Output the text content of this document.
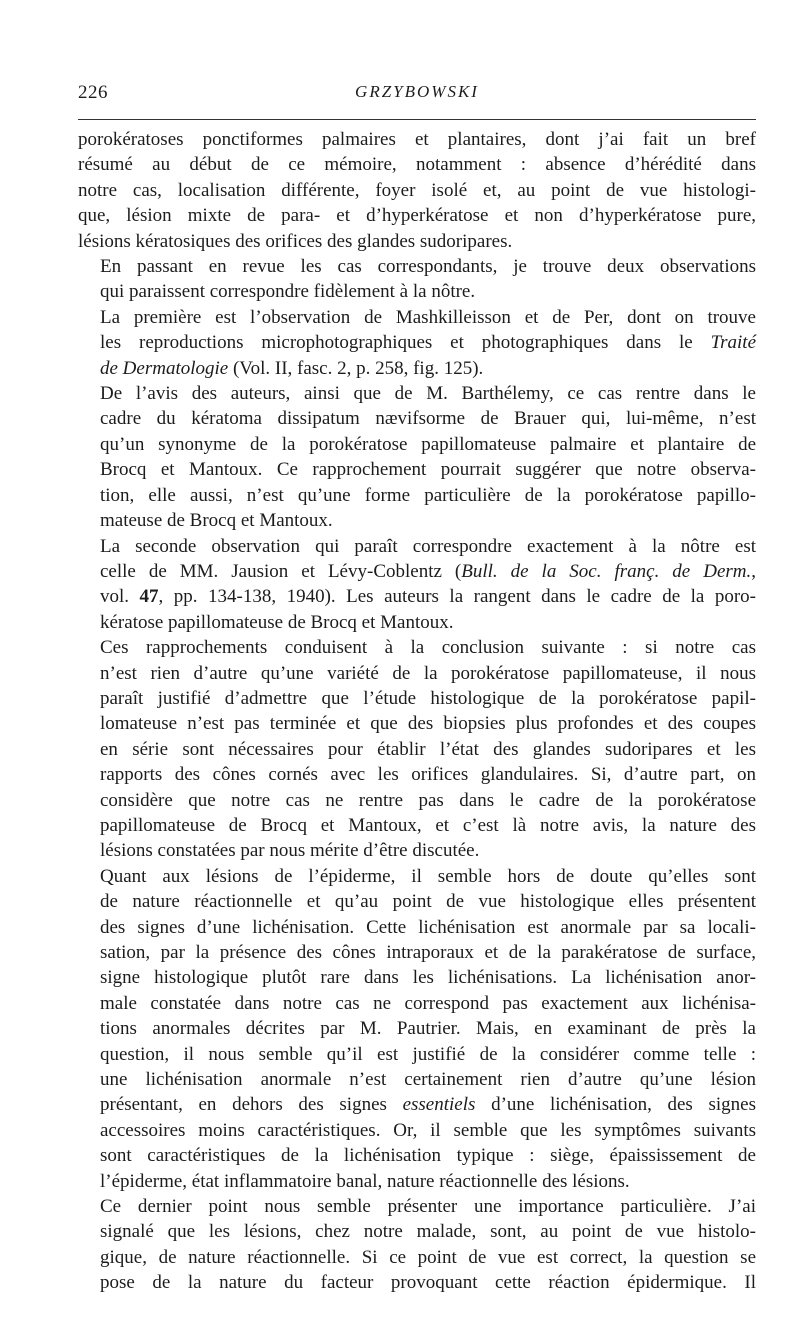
226	GRZYBOWSKI

porokératoses ponctiformes palmaires et plantaires, dont j’ai fait un bref
résumé au début de ce mémoire, notamment : absence d’hérédité dans
notre cas, localisation différente, foyer isolé et, au point de vue histologi-
que, lésion mixte de para- et d’hyperkératose et non d’hyperkératose pure,
lésions kératosiques des orifices des glandes sudoripares.

En passant en revue les cas correspondants, je trouve deux observations
qui paraissent correspondre fidèlement à la nôtre.

La première est l’observation de Mashkilleisson et de Per, dont on trouve
les reproductions microphotographiques et photographiques dans le Traité
de Dermatologie (Vol. II, fasc. 2, p. 258, fig. 125).

De l’avis des auteurs, ainsi que de M. Barthélemy, ce cas rentre dans le
cadre du kératoma dissipatum nævifsorme de Brauer qui, lui-même, n’est
qu’un synonyme de la porokératose papillomateuse palmaire et plantaire de
Brocq et Mantoux. Ce rapprochement pourrait suggérer que notre observa-
tion, elle aussi, n’est qu’une forme particulière de la porokératose papillo-
mateuse de Brocq et Mantoux.

La seconde observation qui paraît correspondre exactement à la nôtre est
celle de MM. Jausion et Lévy-Coblentz (Bull. de la Soc. franç. de Derm.,
vol. 47, pp. 134-138, 1940). Les auteurs la rangent dans le cadre de la poro-
kératose papillomateuse de Brocq et Mantoux.

Ces rapprochements conduisent à la conclusion suivante : si notre cas
n’est rien d’autre qu’une variété de la porokératose papillomateuse, il nous
paraît justifié d’admettre que l’étude histologique de la porokératose papil-
lomateuse n’est pas terminée et que des biopsies plus profondes et des coupes
en série sont nécessaires pour établir l’état des glandes sudoripares et les
rapports des cônes cornés avec les orifices glandulaires. Si, d’autre part, on
considère que notre cas ne rentre pas dans le cadre de la porokératose
papillomateuse de Brocq et Mantoux, et c’est là notre avis, la nature des
lésions constatées par nous mérite d’être discutée.

Quant aux lésions de l’épiderme, il semble hors de doute qu’elles sont
de nature réactionnelle et qu’au point de vue histologique elles présentent
des signes d’une lichénisation. Cette lichénisation est anormale par sa locali-
sation, par la présence des cônes intraporaux et de la parakératose de surface,
signe histologique plutôt rare dans les lichénisations. La lichénisation anor-
male constatée dans notre cas ne correspond pas exactement aux lichénisa-
tions anormales décrites par M. Pautrier. Mais, en examinant de près la
question, il nous semble qu’il est justifié de la considérer comme telle :
une lichénisation anormale n’est certainement rien d’autre qu’une lésion
présentant, en dehors des signes essentiels d’une lichénisation, des signes
accessoires moins caractéristiques. Or, il semble que les symptômes suivants
sont caractéristiques de la lichénisation typique : siège, épaississement de
l’épiderme, état inflammatoire banal, nature réactionnelle des lésions.

Ce dernier point nous semble présenter une importance particulière. J’ai
signalé que les lésions, chez notre malade, sont, au point de vue histolo-
gique, de nature réactionnelle. Si ce point de vue est correct, la question se
pose de la nature du facteur provoquant cette réaction épidermique. Il
